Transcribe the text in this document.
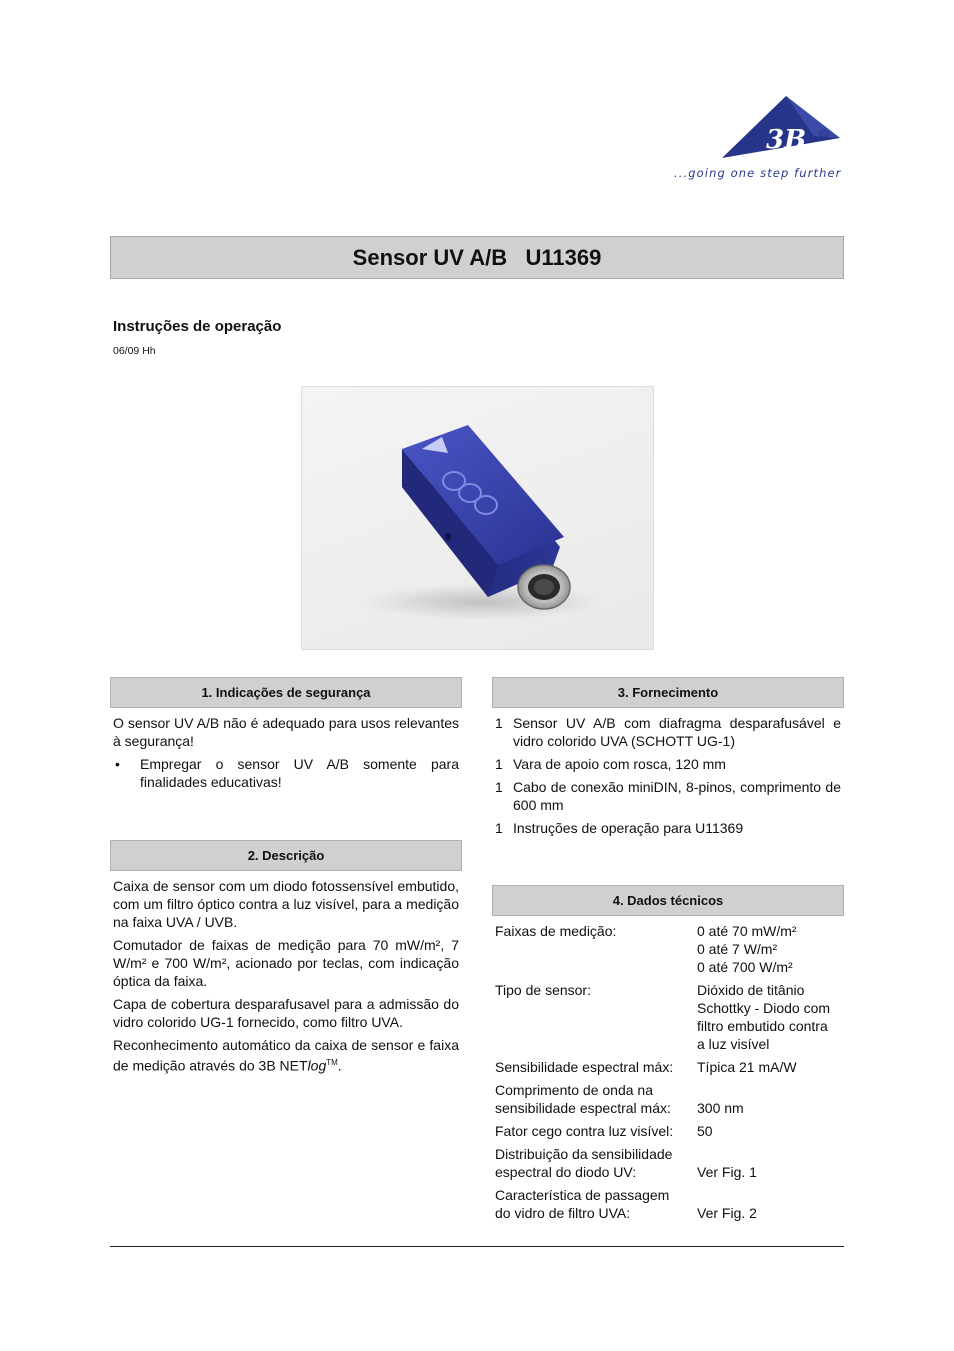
3B	R
...going one step further
Sensor UV A/B   U11369
Instruções de operação
06/09 Hh
1. Indicações de segurança

O sensor UV A/B não é adequado para usos relevantes à segurança!

•	Empregar o sensor UV A/B somente para finalidades educativas!
2. Descrição

Caixa de sensor com um diodo fotossensível embutido, com um filtro óptico contra a luz visível, para a medição na faixa UVA / UVB.

Comutador de faixas de medição para 70 mW/m², 7 W/m² e 700 W/m², acionado por teclas, com indicação óptica da faixa.

Capa de cobertura desparafusavel para a admissão do vidro colorido UG-1 fornecido, como filtro UVA.

Reconhecimento automático da caixa de sensor e faixa de medição através do 3B NETlog™.

3. Fornecimento
1 Sensor UV A/B com diafragma desparafusável e vidro colorido UVA (SCHOTT UG-1)
1 Vara de apoio com rosca, 120 mm
1 Cabo de conexão miniDIN, 8-pinos, comprimento de 600 mm
1 Instruções de operação para U11369
4. Dados técnicos
Faixas de medição:	0 até 70 mW/m²
0 até 7 W/m²
0 até 700 W/m²
Tipo de sensor:	Dióxido de titânio
Schottky - Diodo com
filtro embutido contra
a luz visível
Sensibilidade espectral máx:	Típica 21 mA/W
Comprimento de onda na
sensibilidade espectral máx: 300 nm
Fator cego contra luz visível:	50
Distribuição da sensibilidade
espectral do diodo UV:	Ver Fig. 1
Característica de passagem
do vidro de filtro UVA:	Ver Fig. 2
